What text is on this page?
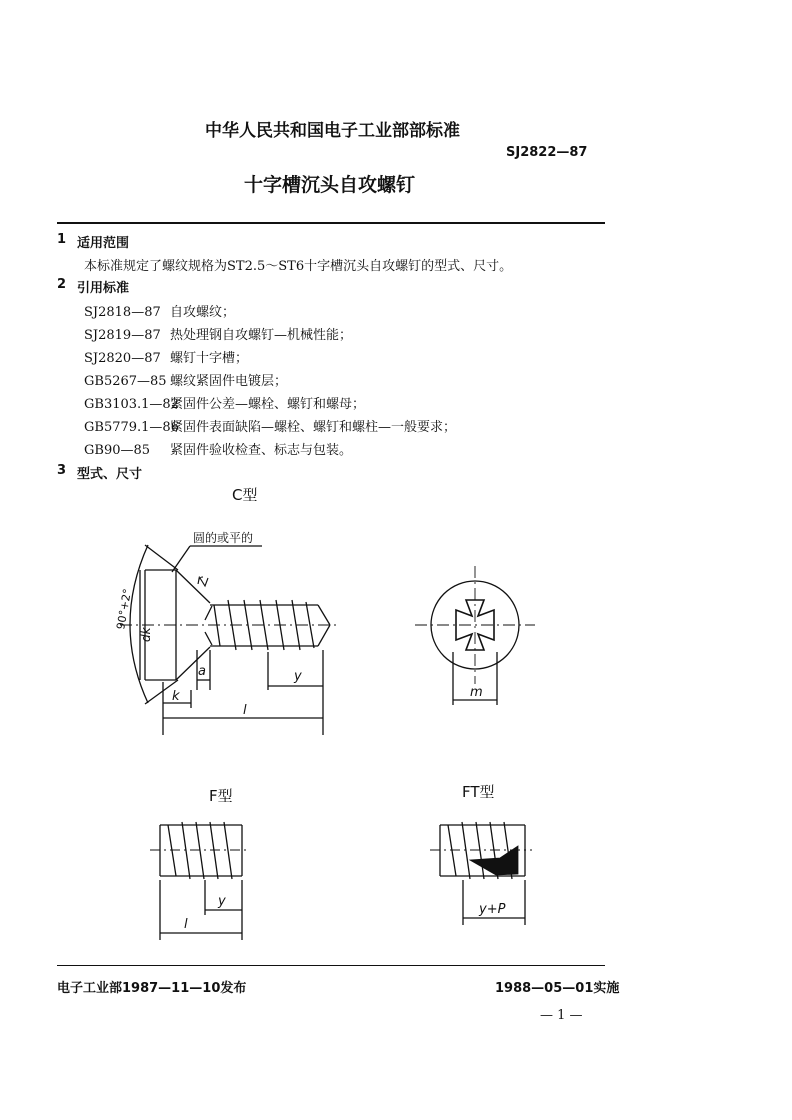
中华人民共和国电子工业部部标准
SJ2822—87
十字槽沉头自攻螺钉
1 适用范围
本标准规定了螺纹规格为ST2.5～ST6十字槽沉头自攻螺钉的型式、尺寸。
2 引用标准
SJ2818—87 自攻螺纹；
SJ2819—87 热处理钢自攻螺钉—机械性能；
SJ2820—87 螺钉十字槽；
GB5267—85 螺纹紧固件电镀层；
GB3103.1—82紧固件公差—螺栓、螺钉和螺母；
GB5779.1—86紧固件表面缺陷—螺栓、螺钉和螺柱—一般要求；
GB90—85 紧固件验收检查、标志与包装。
3 型式、尺寸
C型
圆的或平的
90°+2°
dk
r
a
k
y
l
m
F型
y
l
FT型
y+P
电子工业部1987—11—10发布	1988—05—01实施
— 1 —
